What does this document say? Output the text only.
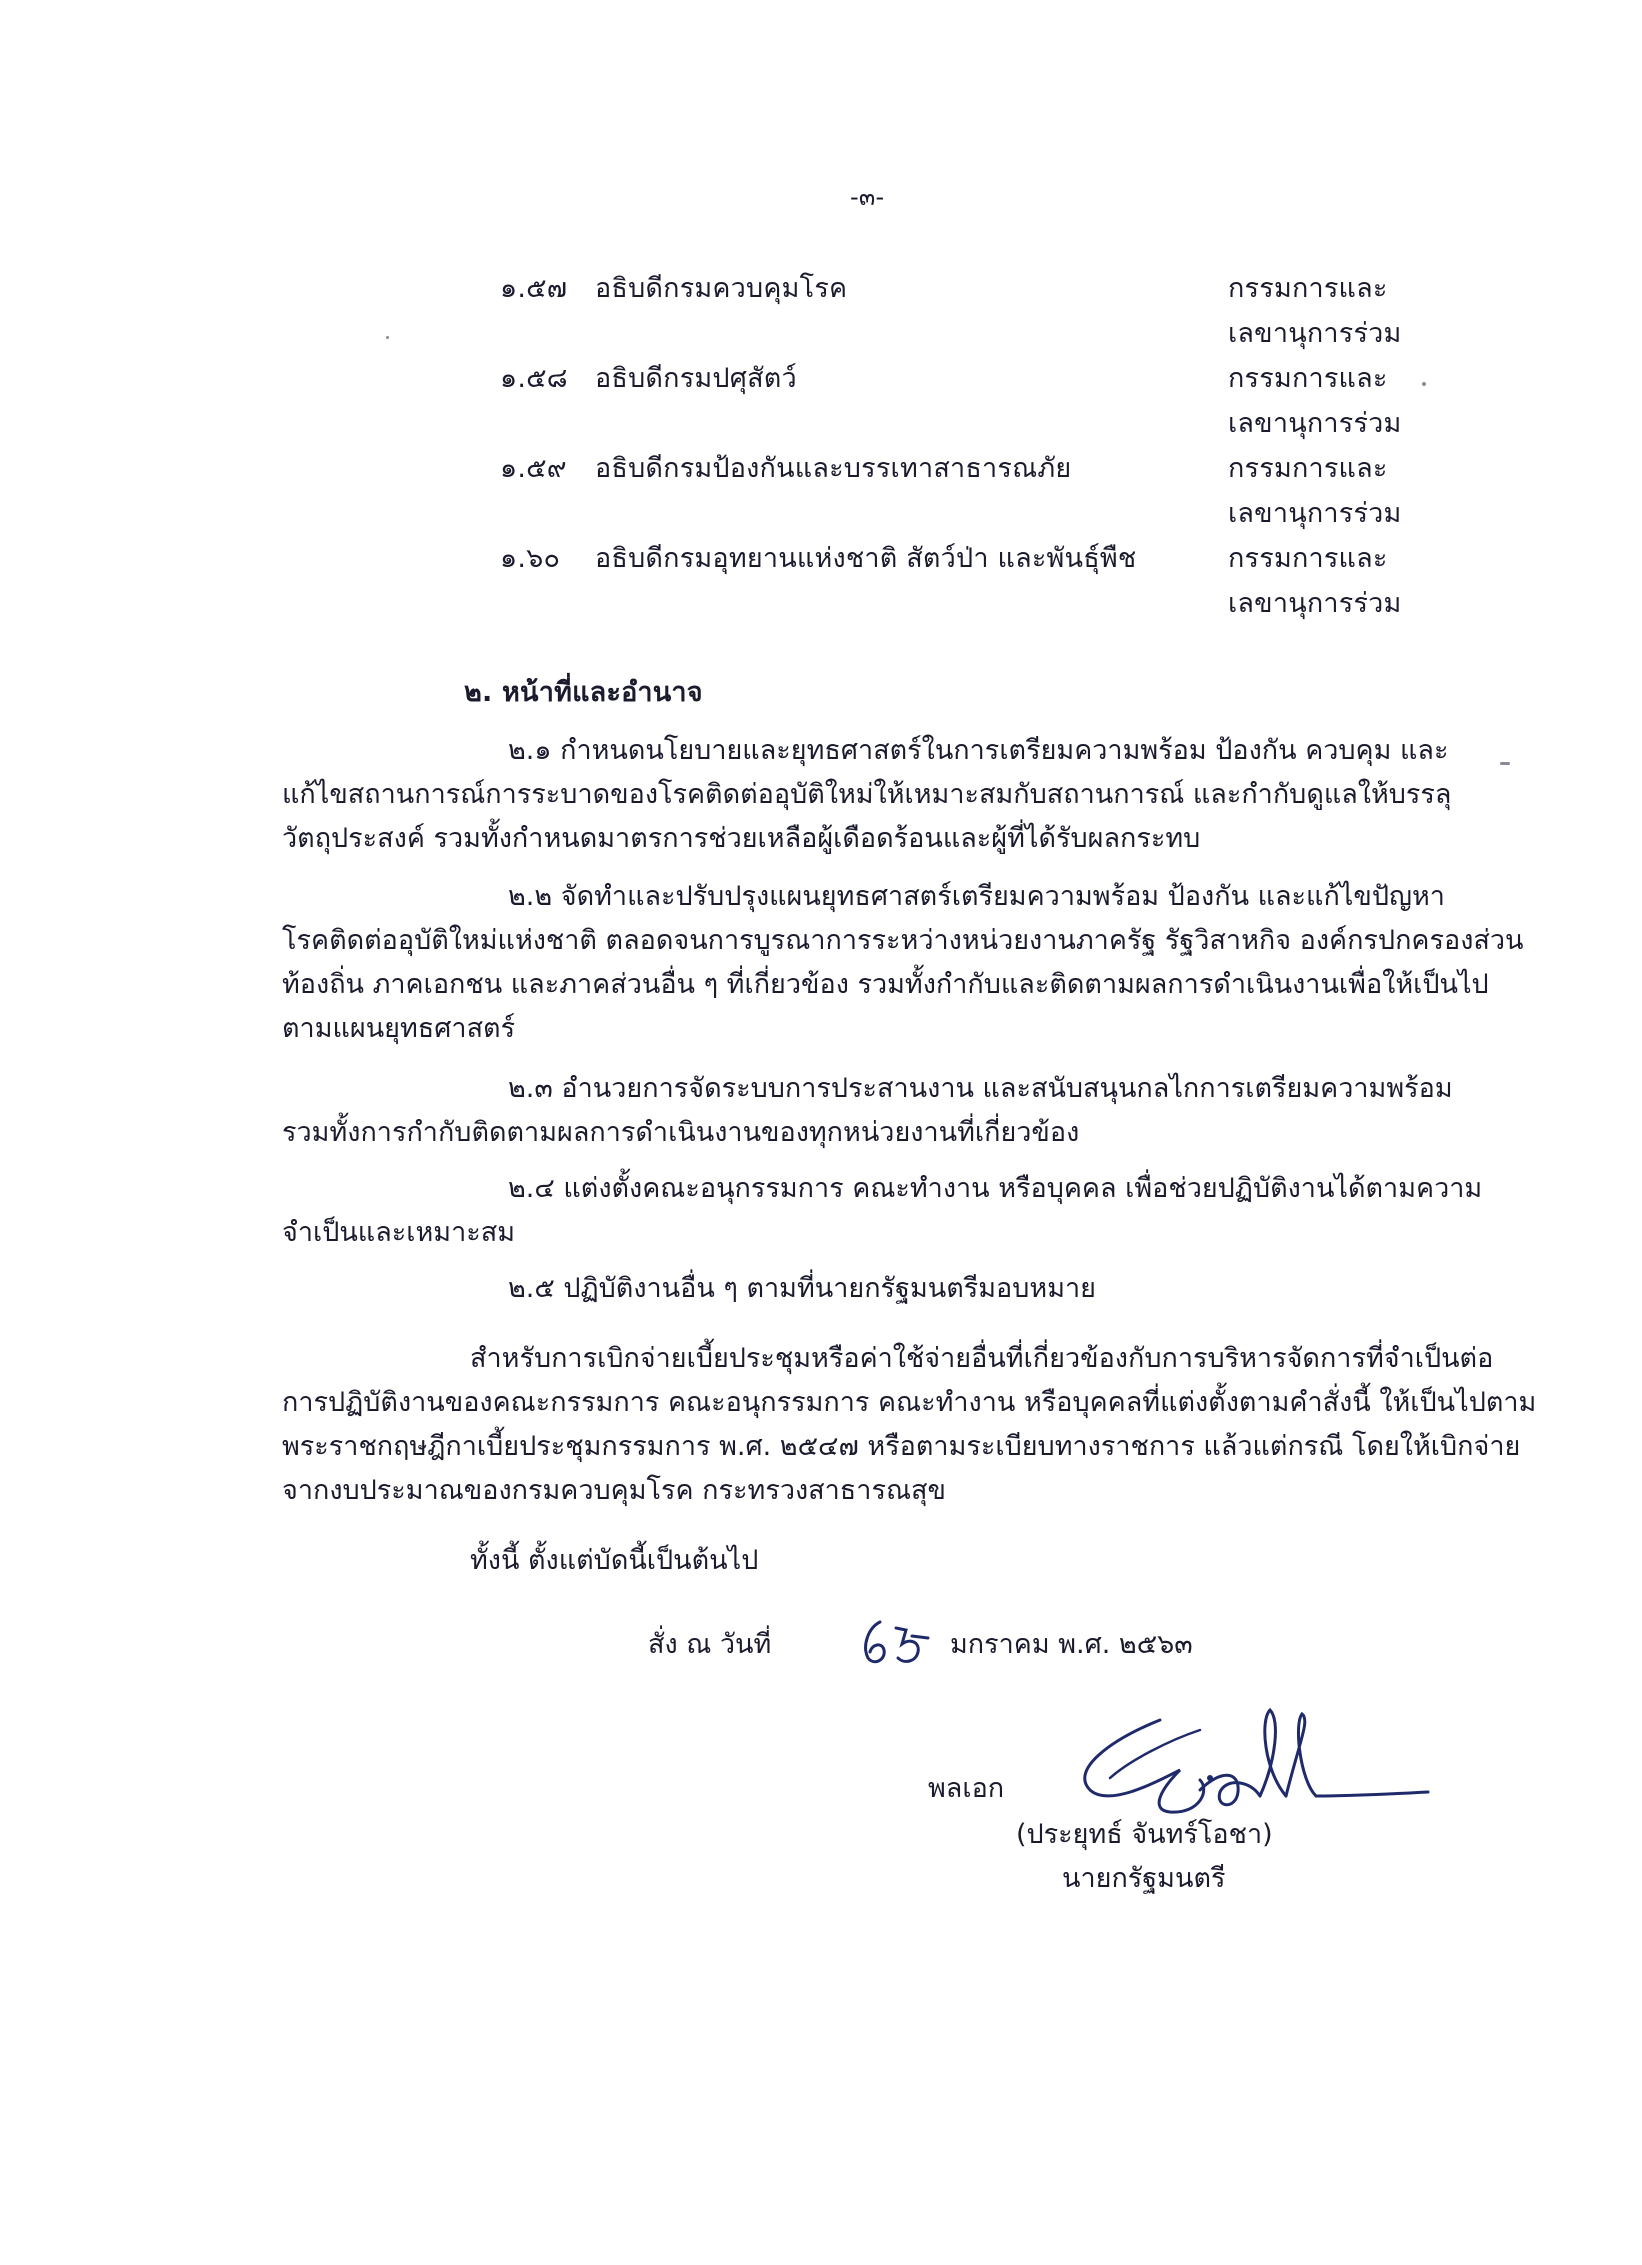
-๓-
๑.๕๗ อธิบดีกรมควบคุมโรค	กรรมการและ
เลขานุการร่วม
๑.๕๘ อธิบดีกรมปศุสัตว์	กรรมการและ
เลขานุการร่วม
๑.๕๙ อธิบดีกรมป้องกันและบรรเทาสาธารณภัย	กรรมการและ
เลขานุการร่วม
๑.๖๐ อธิบดีกรมอุทยานแห่งชาติ สัตว์ป่า และพันธุ์พืช	กรรมการและ
เลขานุการร่วม
๒. หน้าที่และอำนาจ
๒.๑ กำหนดนโยบายและยุทธศาสตร์ในการเตรียมความพร้อม ป้องกัน ควบคุม และ
แก้ไขสถานการณ์การระบาดของโรคติดต่ออุบัติใหม่ให้เหมาะสมกับสถานการณ์ และกำกับดูแลให้บรรลุ
วัตถุประสงค์ รวมทั้งกำหนดมาตรการช่วยเหลือผู้เดือดร้อนและผู้ที่ได้รับผลกระทบ
๒.๒ จัดทำและปรับปรุงแผนยุทธศาสตร์เตรียมความพร้อม ป้องกัน และแก้ไขปัญหา
โรคติดต่ออุบัติใหม่แห่งชาติ ตลอดจนการบูรณาการระหว่างหน่วยงานภาครัฐ รัฐวิสาหกิจ องค์กรปกครองส่วน
ท้องถิ่น ภาคเอกชน และภาคส่วนอื่น ๆ ที่เกี่ยวข้อง รวมทั้งกำกับและติดตามผลการดำเนินงานเพื่อให้เป็นไป
ตามแผนยุทธศาสตร์
๒.๓ อำนวยการจัดระบบการประสานงาน และสนับสนุนกลไกการเตรียมความพร้อม
รวมทั้งการกำกับติดตามผลการดำเนินงานของทุกหน่วยงานที่เกี่ยวข้อง
๒.๔ แต่งตั้งคณะอนุกรรมการ คณะทำงาน หรือบุคคล เพื่อช่วยปฏิบัติงานได้ตามความ
จำเป็นและเหมาะสม
๒.๕ ปฏิบัติงานอื่น ๆ ตามที่นายกรัฐมนตรีมอบหมาย
สำหรับการเบิกจ่ายเบี้ยประชุมหรือค่าใช้จ่ายอื่นที่เกี่ยวข้องกับการบริหารจัดการที่จำเป็นต่อ
การปฏิบัติงานของคณะกรรมการ คณะอนุกรรมการ คณะทำงาน หรือบุคคลที่แต่งตั้งตามคำสั่งนี้ ให้เป็นไปตาม
พระราชกฤษฎีกาเบี้ยประชุมกรรมการ พ.ศ. ๒๕๔๗ หรือตามระเบียบทางราชการ แล้วแต่กรณี โดยให้เบิกจ่าย
จากงบประมาณของกรมควบคุมโรค กระทรวงสาธารณสุข
ทั้งนี้ ตั้งแต่บัดนี้เป็นต้นไป
สั่ง ณ วันที่	มกราคม พ.ศ. ๒๕๖๓
พลเอก
(ประยุทธ์ จันทร์โอชา)
นายกรัฐมนตรี
